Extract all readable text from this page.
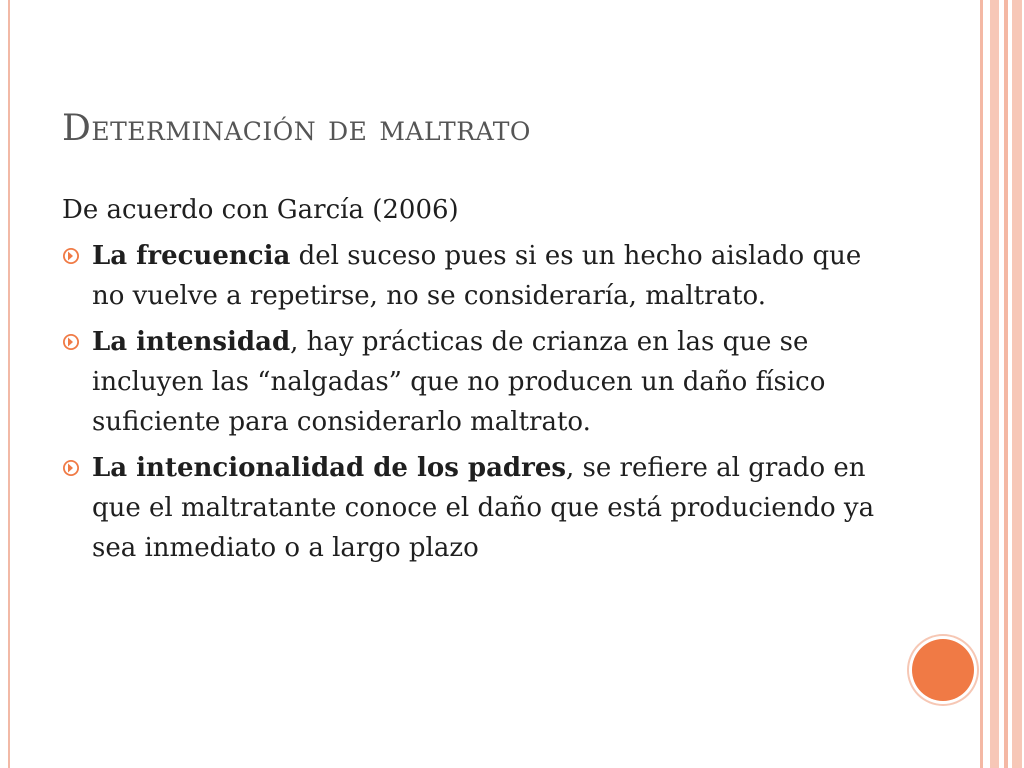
Determinación de maltrato

De acuerdo con García (2006)

La frecuencia del suceso pues si es un hecho aislado que no vuelve a repetirse, no se consideraría, maltrato.
La intensidad, hay prácticas de crianza en las que se incluyen las “nalgadas” que no producen un daño físico suficiente para considerarlo maltrato.
La intencionalidad de los padres, se refiere al grado en que el maltratante conoce el daño que está produciendo ya sea inmediato o a largo plazo
